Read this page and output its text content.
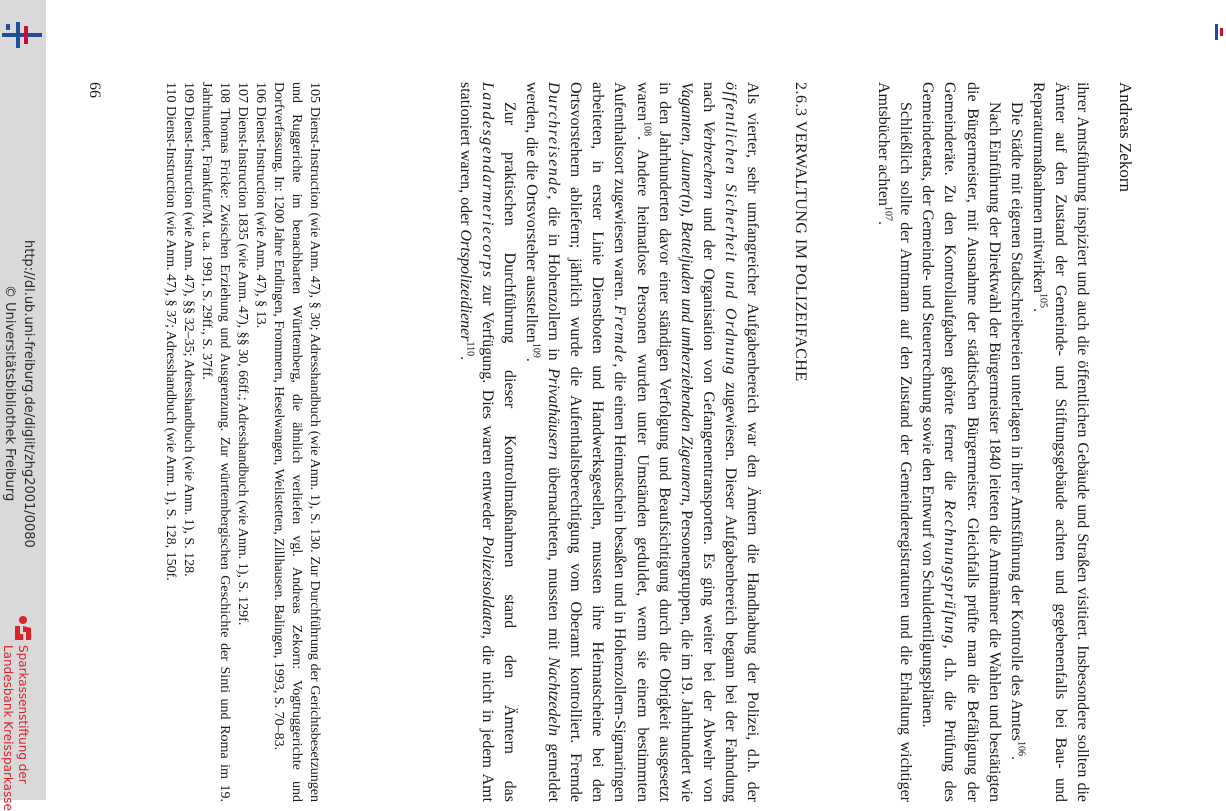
http://dl.ub.uni-freiburg.de/diglit/zhg2001/0080
© Universitätsbibliothek Freiburg
Sparkassenstiftung der
Landesbank Kreissparkasse
Andreas Zekorn

ihrer Amtsführung inspiziert und auch die öffentlichen Gebäude und Straßen visitiert. Insbesondere sollten die Ämter auf den Zustand der Gemeinde- und Stiftungsgebäude achten und gegebenenfalls bei Bau- und Reparaturmaßnahmen mitwirken$^{105}$.

Die Städte mit eigenen Stadtschreibereien unterlagen in ihrer Amtsführung der Kontrolle des Amtes$^{106}$.

Nach Einführung der Direktwahl der Bürgermeister 1840 leiteten die Amtmänner die Wahlen und bestätigten die Bürgermeister, mit Ausnahme der städtischen Bürgermeister. Gleichfalls prüfte man die Befähigung der Gemeinderäte. Zu den Kontrollaufgaben gehörte ferner die Rechnungsprüfung, d.h. die Prüfung des Gemeindeetats, der Gemeinde- und Steuerrechnung sowie den Entwurf von Schuldentilgungsplänen.

Schließlich sollte der Amtmann auf den Zustand der Gemeinderegistraturen und die Erhaltung wichtiger Amtsbücher achten$^{107}$.

2.6.3 VERWALTUNG IM POLIZEIFACHE

Als vierter, sehr umfangreicher Aufgabenbereich war den Ämtern die Handhabung der Polizei, d.h. der öffentlichen Sicherheit und Ordnung zugewiesen. Dieser Aufgabenbereich begann bei der Fahndung nach Verbrechern und der Organisation von Gefangenentransporten. Es ging weiter bei der Abwehr von Vaganten, Jauner(n), Betteljuden und umherziehenden Zigeunern, Personengruppen, die im 19. Jahrhundert wie in den Jahrhunderten davor einer ständigen Verfolgung und Beaufsichtigung durch die Obrigkeit ausgesetzt waren$^{108}$. Andere heimatlose Personen wurden unter Umständen geduldet, wenn sie einem bestimmten Aufenthaltsort zugewiesen waren. Fremde, die einen Heimatschein besaßen und in Hohenzollern-Sigmaringen arbeiteten, in erster Linie Dienstboten und Handwerksgesellen, mussten ihre Heimatscheine bei den Ortsvorstehern abliefern; jährlich wurde die Aufenthaltsberechtigung vom Oberamt kontrolliert. Fremde Durchreisende, die in Hohenzollern in Privathäusern übernachteten, mussten mit Nachtzedeln gemeldet werden, die die Ortsvorsteher ausstellten$^{109}$.

Zur praktischen Durchführung dieser Kontrollmaßnahmen stand den Ämtern das Landesgendarmeriecorps zur Verfügung. Dies waren entweder Polizeisoldaten, die nicht in jedem Amt stationiert waren, oder Ortspolizeidiener$^{110}$.

105 Dienst-Instruction (wie Anm. 47), § 30; Adresshandbuch (wie Anm. 1), S. 130. Zur Durchführung der Gerichtsbesetzungen und Ruggerichte im benachbarten Württemberg, die ähnlich verliefen vgl. Andreas Zekorn: Vogtruggerichte und Dorfverfassung. In: 1200 Jahre Endingen, Frommern, Heselwangen, Weilstetten, Zillhausen. Balingen, 1993, S. 70–83.

106 Dienst-Instruction (wie Anm. 47), § 13.

107 Dienst-Instruction 1835 (wie Anm. 47), §§ 30, 66ff.; Adresshandbuch (wie Anm. 1), S. 129f.

108 Thomas Fricke: Zwischen Erziehung und Ausgrenzung. Zur württembergischen Geschichte der Sinti und Roma im 19. Jahrhundert, Frankfurt/M. u.a. 1991, S. 29ff., S. 37ff.

109 Dienst-Instruction (wie Anm. 47), §§ 32–35; Adresshandbuch (wie Anm. 1), S. 128.

110 Dienst-Instruction (wie Anm. 47), § 37; Adresshandbuch (wie Anm. 1), S. 128, 150f.

66
